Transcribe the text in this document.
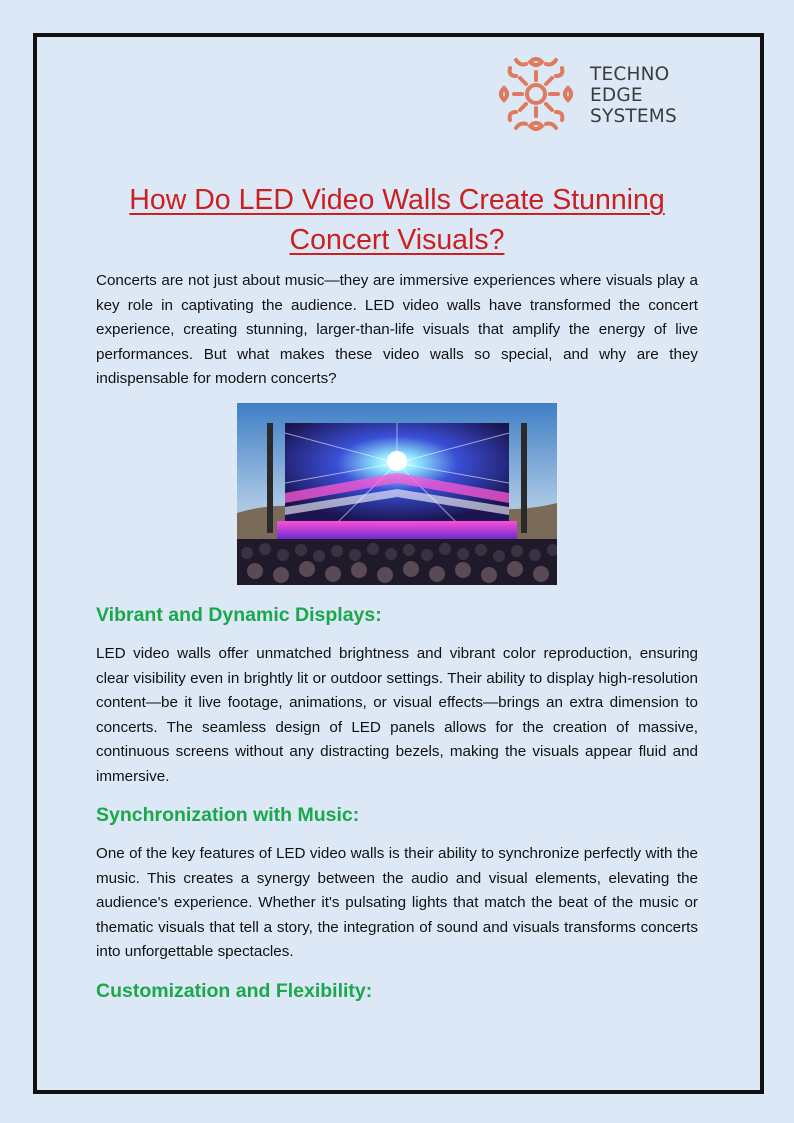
TECHNO
EDGE
SYSTEMS
How Do LED Video Walls Create Stunning
Concert Visuals?

Concerts are not just about music—they are immersive experiences where visuals play a key role in captivating the audience. LED video walls have transformed the concert experience, creating stunning, larger-than-life visuals that amplify the energy of live performances. But what makes these video walls so special, and why are they indispensable for modern concerts?

Vibrant and Dynamic Displays:

LED video walls offer unmatched brightness and vibrant color reproduction, ensuring clear visibility even in brightly lit or outdoor settings. Their ability to display high-resolution content—be it live footage, animations, or visual effects—brings an extra dimension to concerts. The seamless design of LED panels allows for the creation of massive, continuous screens without any distracting bezels, making the visuals appear fluid and immersive.

Synchronization with Music:

One of the key features of LED video walls is their ability to synchronize perfectly with the music. This creates a synergy between the audio and visual elements, elevating the audience's experience. Whether it's pulsating lights that match the beat of the music or thematic visuals that tell a story, the integration of sound and visuals transforms concerts into unforgettable spectacles.

Customization and Flexibility:
